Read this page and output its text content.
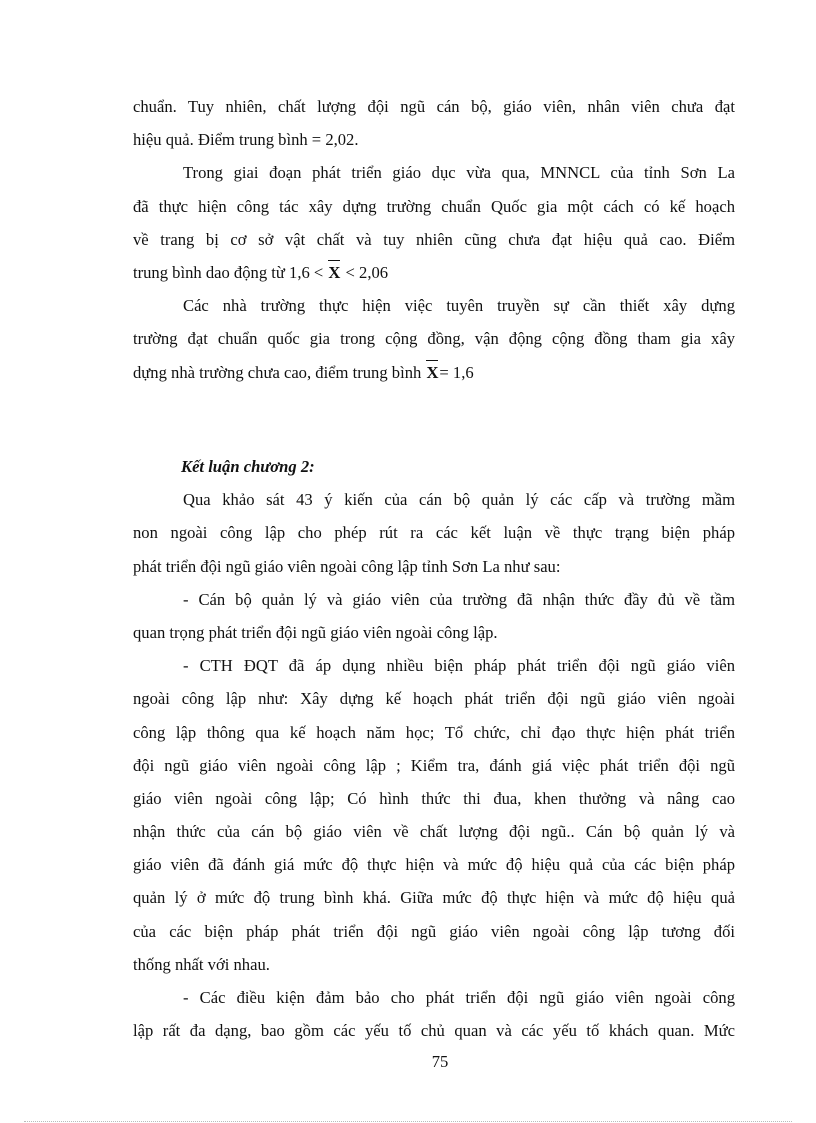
chuẩn. Tuy nhiên, chất lượng đội ngũ cán bộ, giáo viên, nhân viên chưa đạt
hiệu quả. Điểm trung bình = 2,02.
Trong giai đoạn phát triển giáo dục vừa qua, MNNCL của tỉnh Sơn La
đã thực hiện công tác xây dựng trường chuẩn Quốc gia một cách có kế hoạch
về trang bị cơ sở vật chất và tuy nhiên cũng chưa đạt hiệu quả cao. Điểm
trung bình dao động từ 1,6 < X < 2,06
Các nhà trường thực hiện việc tuyên truyền sự cần thiết xây dựng
trường đạt chuẩn quốc gia trong cộng đồng, vận động cộng đồng tham gia xây
dựng nhà trường chưa cao, điểm trung bình X= 1,6
Kết luận chương 2:
Qua khảo sát 43 ý kiến của cán bộ quản lý các cấp và trường mầm
non ngoài công lập cho phép rút ra các kết luận về thực trạng biện pháp
phát triển đội ngũ giáo viên ngoài công lập tỉnh Sơn La như sau:
- Cán bộ quản lý và giáo viên của trường đã nhận thức đầy đủ về tầm
quan trọng phát triển đội ngũ giáo viên ngoài công lập.
- CTH ĐQT đã áp dụng nhiều biện pháp phát triển đội ngũ giáo viên
ngoài công lập như: Xây dựng kế hoạch phát triển đội ngũ giáo viên ngoài
công lập thông qua kế hoạch năm học; Tổ chức, chỉ đạo thực hiện phát triển
đội ngũ giáo viên ngoài công lập ; Kiểm tra, đánh giá việc phát triển đội ngũ
giáo viên ngoài công lập; Có hình thức thi đua, khen thưởng và nâng cao
nhận thức của cán bộ giáo viên về chất lượng đội ngũ.. Cán bộ quản lý và
giáo viên đã đánh giá mức độ thực hiện và mức độ hiệu quả của các biện pháp
quản lý ở mức độ trung bình khá. Giữa mức độ thực hiện và mức độ hiệu quả
của các biện pháp phát triển đội ngũ giáo viên ngoài công lập tương đối
thống nhất với nhau.
- Các điều kiện đảm bảo cho phát triển đội ngũ giáo viên ngoài công
lập rất đa dạng, bao gồm các yếu tố chủ quan và các yếu tố khách quan. Mức
75
